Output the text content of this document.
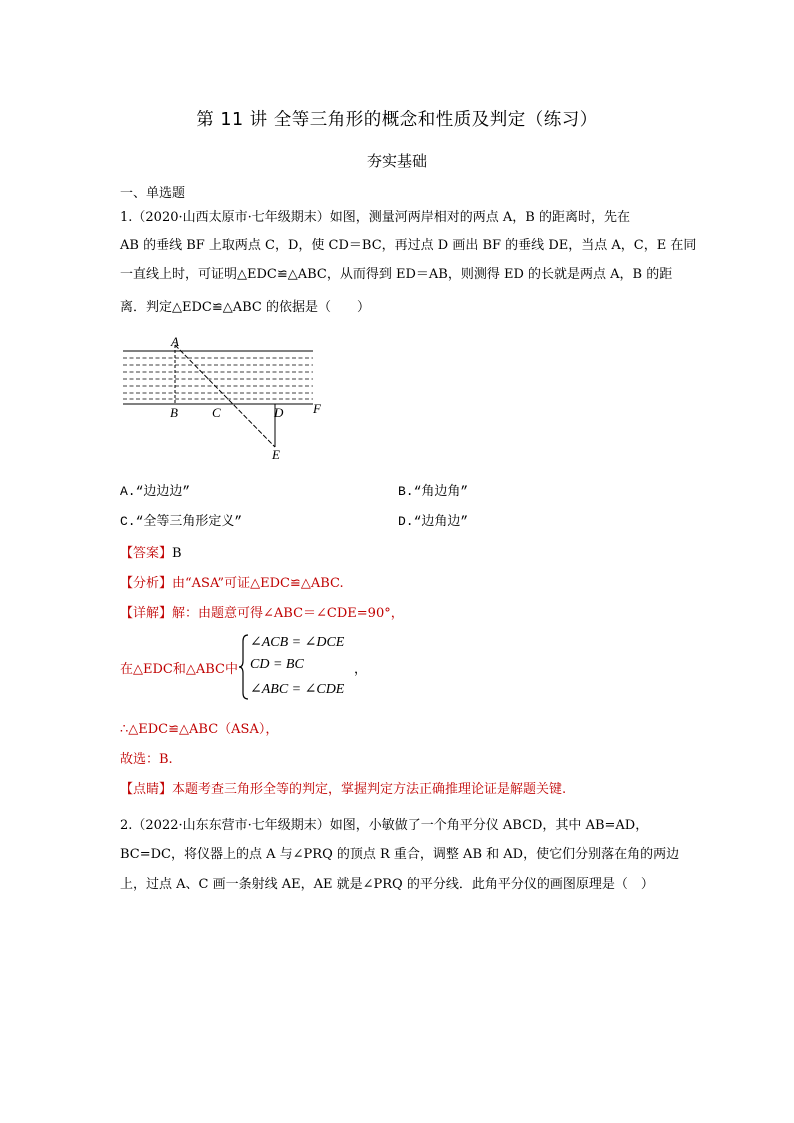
第 11 讲 全等三角形的概念和性质及判定（练习）
夯实基础
一、单选题
1.（2020·山西太原市·七年级期末）如图，测量河两岸相对的两点 A，B 的距离时，先在
AB 的垂线 BF 上取两点 C，D，使 CD＝BC，再过点 D 画出 BF 的垂线 DE，当点 A，C，E 在同
一直线上时，可证明△EDC≌△ABC，从而得到 ED＝AB，则测得 ED 的长就是两点 A，B 的距
离．判定△EDC≌△ABC 的依据是（　　）
A
B	C	D F
E
A.“边边边”	B.“角边角”
C.“全等三角形定义”	D.“边角边”
【答案】B
【分析】由“ASA”可证△EDC≌△ABC.
【详解】解：由题意可得∠ABC＝∠CDE=90°，
在△EDC和△ABC中
∠ACB = ∠DCE
CD = BC
∠ABC = ∠CDE
，
∴△EDC≌△ABC（ASA），
故选：B.
【点睛】本题考查三角形全等的判定，掌握判定方法正确推理论证是解题关键.
2.（2022·山东东营市·七年级期末）如图，小敏做了一个角平分仪 ABCD，其中 AB=AD，
BC=DC，将仪器上的点 A 与∠PRQ 的顶点 R 重合，调整 AB 和 AD，使它们分别落在角的两边
上，过点 A、C 画一条射线 AE，AE 就是∠PRQ 的平分线．此角平分仪的画图原理是（　）
